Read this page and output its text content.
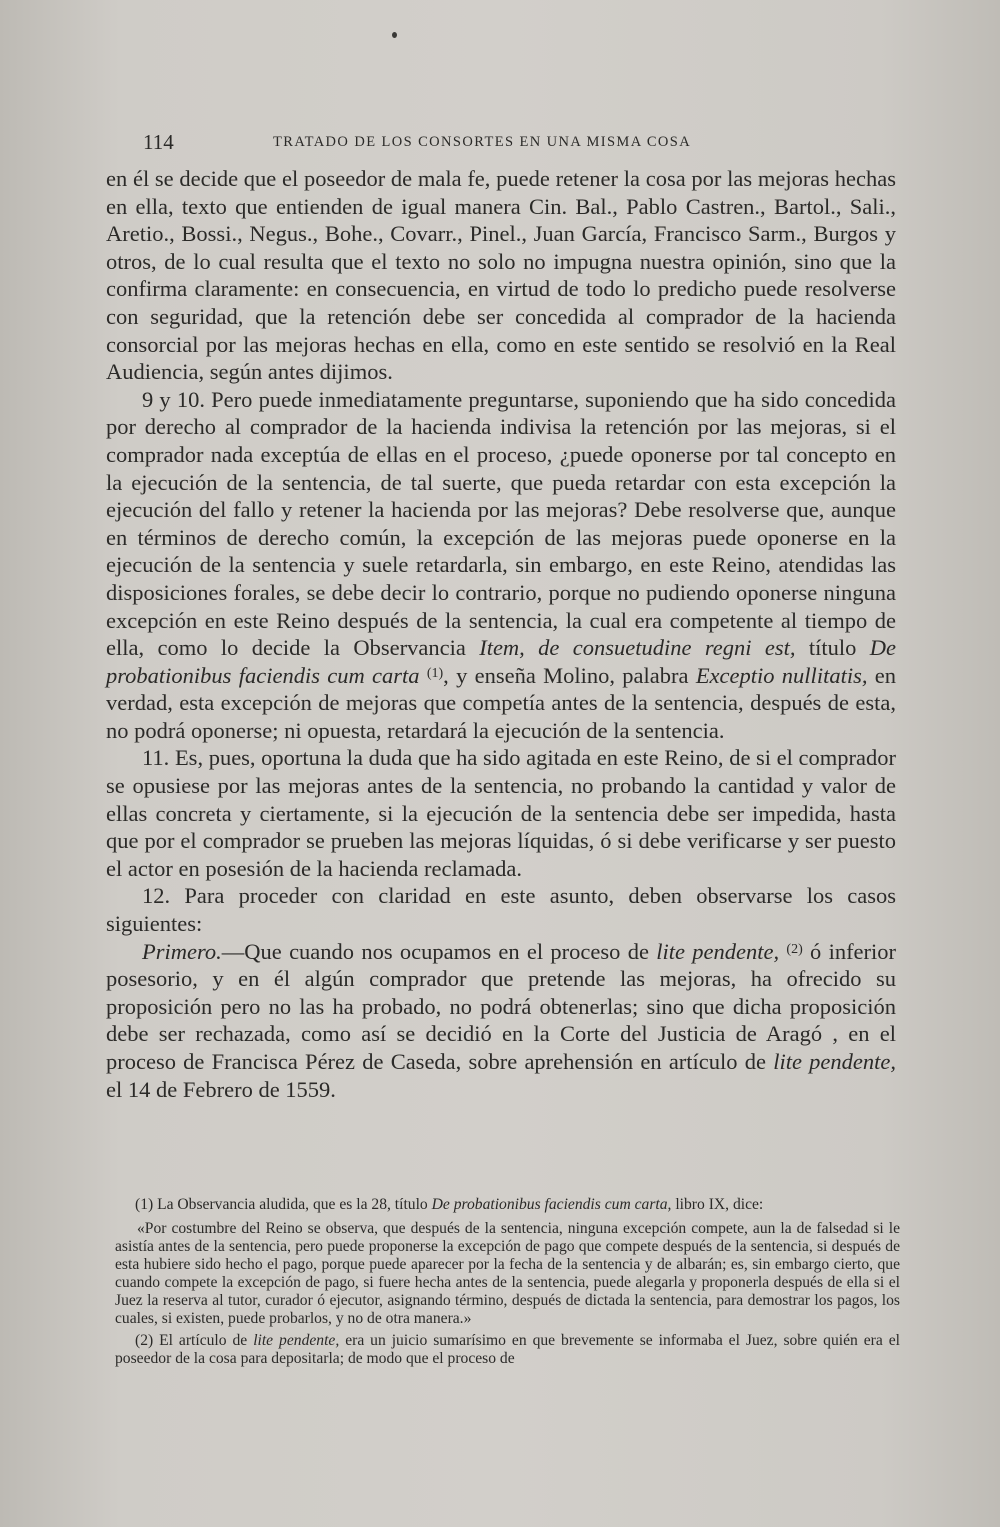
114	TRATADO DE LOS CONSORTES EN UNA MISMA COSA

en él se decide que el poseedor de mala fe, puede retener la cosa por las mejoras hechas en ella, texto que entienden de igual manera Cin. Bal., Pablo Castren., Bartol., Sali., Aretio., Bossi., Negus., Bohe., Covarr., Pinel., Juan García, Francisco Sarm., Burgos y otros, de lo cual resulta que el texto no solo no impugna nuestra opinión, sino que la confirma claramente: en consecuencia, en virtud de todo lo predicho puede resolverse con seguridad, que la retención debe ser concedida al comprador de la hacienda consorcial por las mejoras hechas en ella, como en este sentido se resolvió en la Real Audiencia, según antes dijimos.

9 y 10. Pero puede inmediatamente preguntarse, suponiendo que ha sido concedida por derecho al comprador de la hacienda indivisa la retención por las mejoras, si el comprador nada exceptúa de ellas en el proceso, ¿puede oponerse por tal concepto en la ejecución de la sentencia, de tal suerte, que pueda retardar con esta excepción la ejecución del fallo y retener la hacienda por las mejoras? Debe resolverse que, aunque en términos de derecho común, la excepción de las mejoras puede oponerse en la ejecución de la sentencia y suele retardarla, sin embargo, en este Reino, atendidas las disposiciones forales, se debe decir lo contrario, porque no pudiendo oponerse ninguna excepción en este Reino después de la sentencia, la cual era competente al tiempo de ella, como lo decide la Observancia Item, de consuetudine regni est, título De probationibus faciendis cum carta $^{(1)}$, y enseña Molino, palabra Exceptio nullitatis, en verdad, esta excepción de mejoras que competía antes de la sentencia, después de esta, no podrá oponerse; ni opuesta, retardará la ejecución de la sentencia.

11. Es, pues, oportuna la duda que ha sido agitada en este Reino, de si el comprador se opusiese por las mejoras antes de la sentencia, no probando la cantidad y valor de ellas concreta y ciertamente, si la ejecución de la sentencia debe ser impedida, hasta que por el comprador se prueben las mejoras líquidas, ó si debe verificarse y ser puesto el actor en posesión de la hacienda reclamada.

12. Para proceder con claridad en este asunto, deben observarse los casos siguientes:

Primero.—Que cuando nos ocupamos en el proceso de lite pendente, $^{(2)}$ ó inferior posesorio, y en él algún comprador que pretende las mejoras, ha ofrecido su proposición pero no las ha probado, no podrá obtenerlas; sino que dicha proposición debe ser rechazada, como así se decidió en la Corte del Justicia de Aragó , en el proceso de Francisca Pérez de Caseda, sobre aprehensión en artículo de lite pendente, el 14 de Febrero de 1559.

(1) La Observancia aludida, que es la 28, título De probationibus faciendis cum carta, libro IX, dice:

«Por costumbre del Reino se observa, que después de la sentencia, ninguna excepción compete, aun la de falsedad si le asistía antes de la sentencia, pero puede proponerse la excepción de pago que compete después de la sentencia, si después de esta hubiere sido hecho el pago, porque puede aparecer por la fecha de la sentencia y de albarán; es, sin embargo cierto, que cuando compete la excepción de pago, si fuere hecha antes de la sentencia, puede alegarla y proponerla después de ella si el Juez la reserva al tutor, curador ó ejecutor, asignando término, después de dictada la sentencia, para demostrar los pagos, los cuales, si existen, puede probarlos, y no de otra manera.»

(2) El artículo de lite pendente, era un juicio sumarísimo en que brevemente se informaba el Juez, sobre quién era el poseedor de la cosa para depositarla; de modo que el proceso de
